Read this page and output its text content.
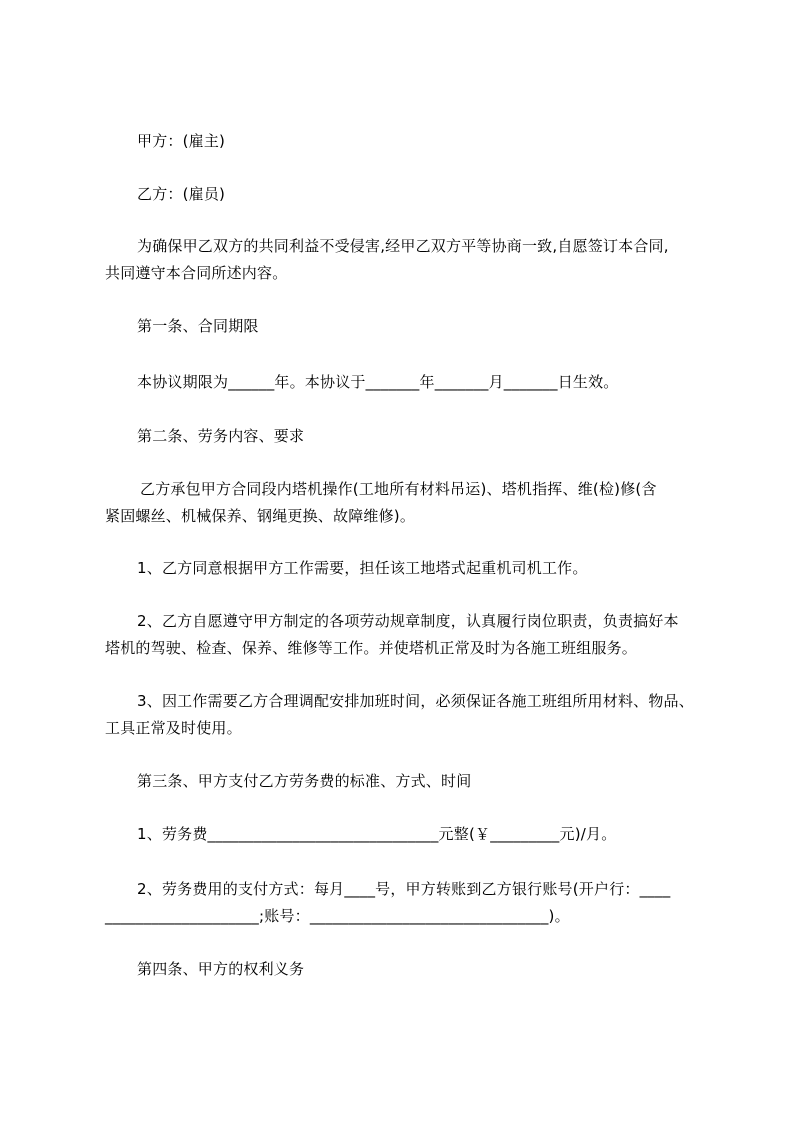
甲方：(雇主)
乙方：(雇员)
为确保甲乙双方的共同利益不受侵害,经甲乙双方平等协商一致,自愿签订本合同,
共同遵守本合同所述内容。
第一条、合同期限
本协议期限为______年。本协议于_______年_______月_______日生效。
第二条、劳务内容、要求
乙方承包甲方合同段内塔机操作(工地所有材料吊运)、塔机指挥、维(检)修(含
紧固螺丝、机械保养、钢绳更换、故障维修)。
1、乙方同意根据甲方工作需要，担任该工地塔式起重机司机工作。
2、乙方自愿遵守甲方制定的各项劳动规章制度，认真履行岗位职责，负责搞好本
塔机的驾驶、检查、保养、维修等工作。并使塔机正常及时为各施工班组服务。
3、因工作需要乙方合理调配安排加班时间，必须保证各施工班组所用材料、物品、
工具正常及时使用。
第三条、甲方支付乙方劳务费的标准、方式、时间
1、劳务费______________________________元整(￥_________元)/月。
2、劳务费用的支付方式：每月____号，甲方转账到乙方银行账号(开户行：____
____________________;账号：_______________________________)。
第四条、甲方的权利义务
